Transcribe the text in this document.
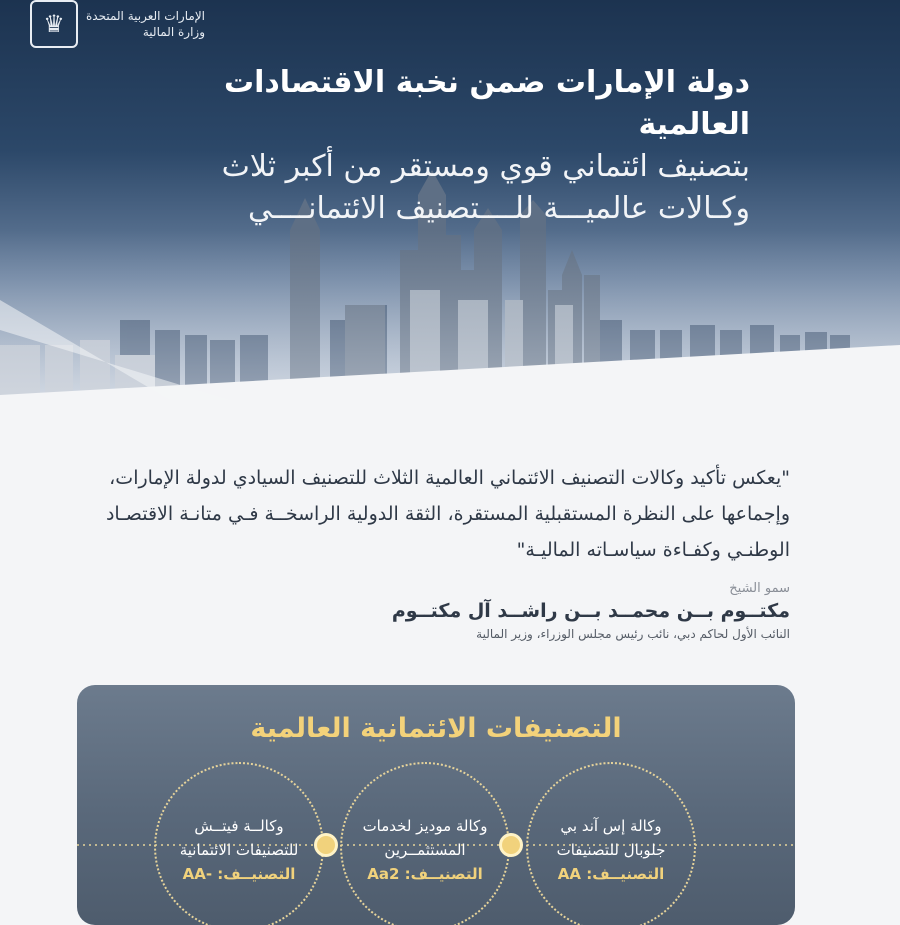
♛	الإمارات العربية المتحدة
وزارة المالية
دولة الإمارات ضمن نخبة الاقتصادات العالمية
بتصنيف ائتماني قوي ومستقر من أكبر ثلاث
وكـالات عالميـــة للــــتصنيف الائتمانــــي
"يعكس تأكيد وكالات التصنيف الائتماني العالمية الثلاث للتصنيف السيادي لدولة الإمارات، وإجماعها على النظرة المستقبلية المستقرة، الثقة الدولية الراسخــة فـي متانـة الاقتصـاد الوطنـي وكفـاءة سياسـاته الماليـة"
سمو الشيخ
مكتــوم بــن محمــد بــن راشــد آل مكتــوم
النائب الأول لحاكم دبي، نائب رئيس مجلس الوزراء، وزير المالية
التصنيفات الائتمانية العالمية
وكالة إس آند بي
جلوبال للتصنيفات
التصنيــف: AA
وكالة موديز لخدمات
المستثمــرين
التصنيــف: Aa2
وكالــة فيتــش
للتصنيفات الائتمانية
التصنيــف: -AA
